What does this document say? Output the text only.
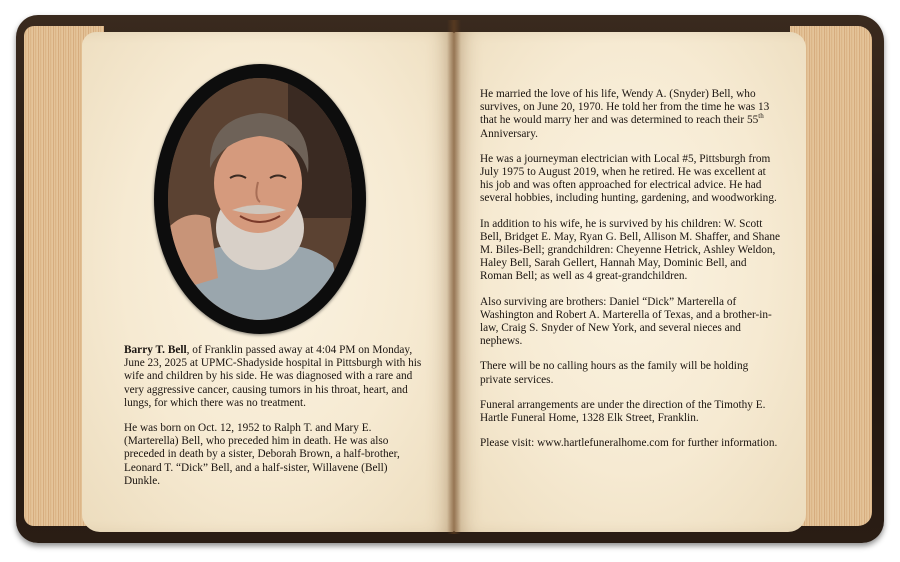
Barry T. Bell, of Franklin passed away at 4:04 PM on Monday, June 23, 2025 at UPMC-Shadyside hospital in Pittsburgh with his wife and children by his side. He was diagnosed with a rare and very aggressive cancer, causing tumors in his throat, heart, and lungs, for which there was no treatment.

He was born on Oct. 12, 1952 to Ralph T. and Mary E. (Marterella) Bell, who preceded him in death. He was also preceded in death by a sister, Deborah Brown, a half-brother, Leonard T. “Dick” Bell, and a half-sister, Willavene (Bell) Dunkle.

He married the love of his life, Wendy A. (Snyder) Bell, who survives, on June 20, 1970. He told her from the time he was 13 that he would marry her and was determined to reach their 55th Anniversary.

He was a journeyman electrician with Local #5, Pittsburgh from July 1975 to August 2019, when he retired. He was excellent at his job and was often approached for electrical advice. He had several hobbies, including hunting, gardening, and woodworking.

In addition to his wife, he is survived by his children: W. Scott Bell, Bridget E. May, Ryan G. Bell, Allison M. Shaffer, and Shane M. Biles-Bell; grandchildren: Cheyenne Hetrick, Ashley Weldon, Haley Bell, Sarah Gellert, Hannah May, Dominic Bell, and Roman Bell; as well as 4 great-grandchildren.

Also surviving are brothers: Daniel “Dick” Marterella of Washington and Robert A. Marterella of Texas, and a brother-in-law, Craig S. Snyder of New York, and several nieces and nephews.

There will be no calling hours as the family will be holding private services.

Funeral arrangements are under the direction of the Timothy E. Hartle Funeral Home, 1328 Elk Street, Franklin.

Please visit: www.hartlefuneralhome.com for further information.
